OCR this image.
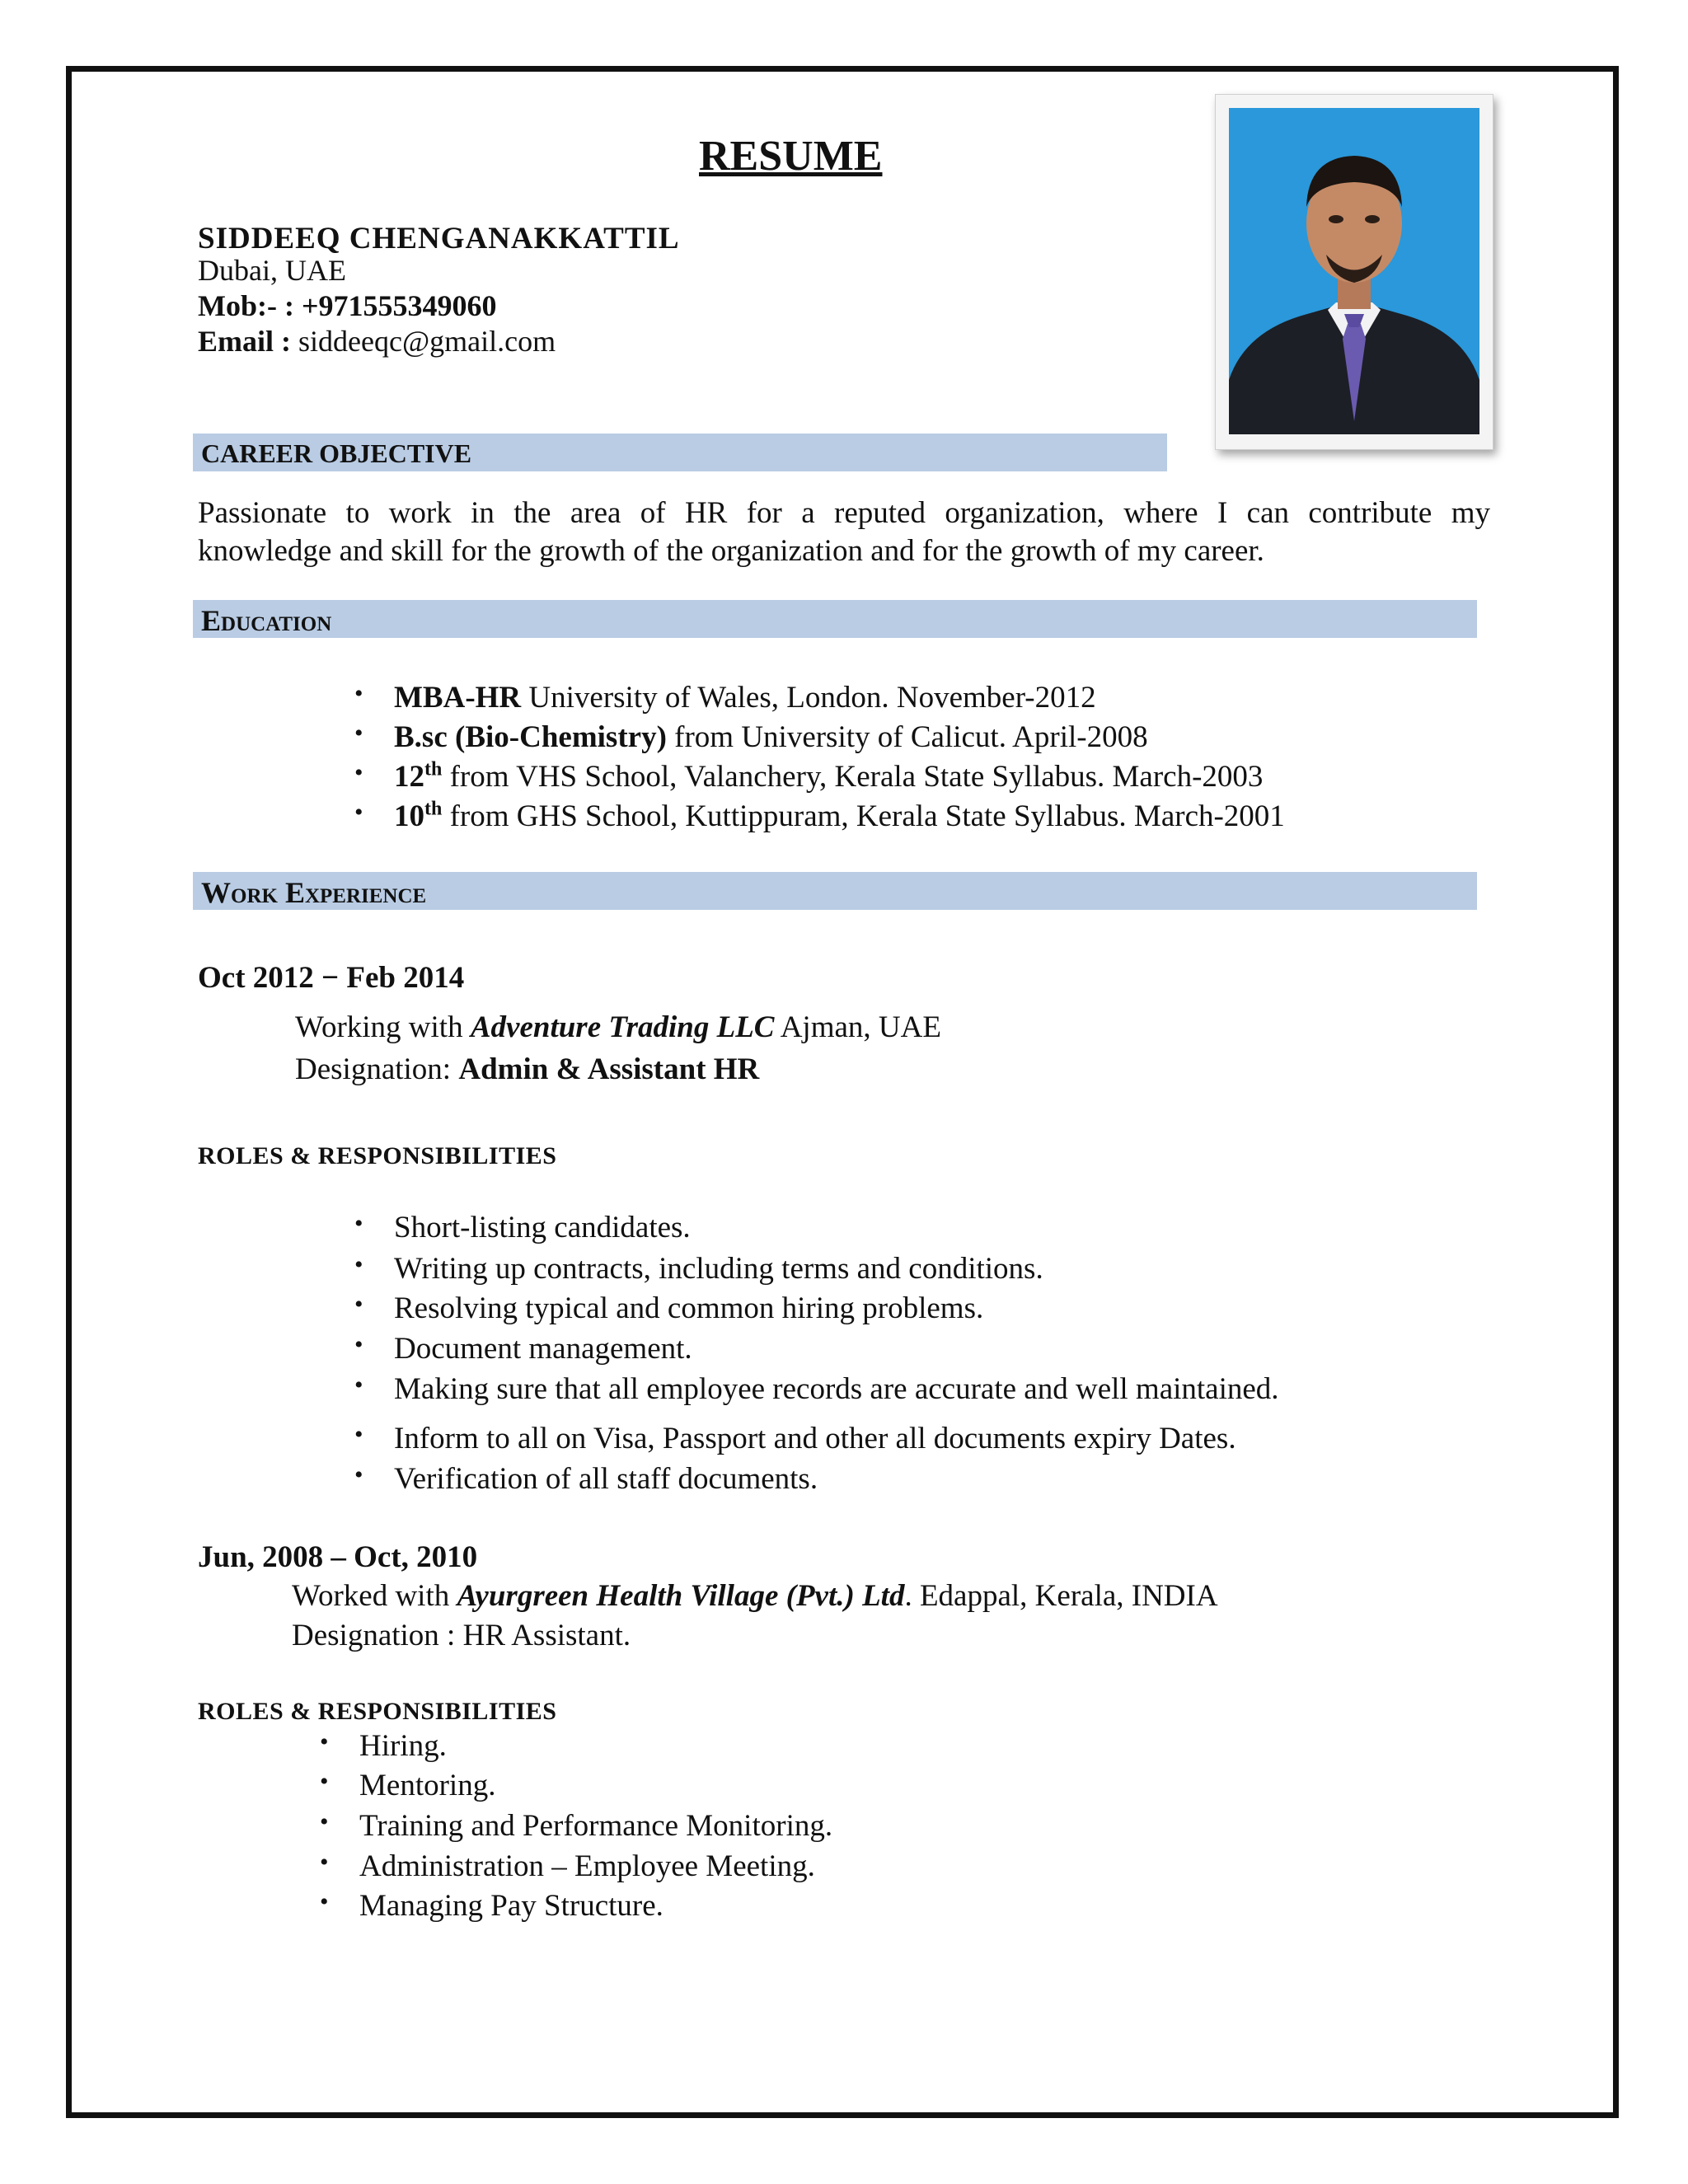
RESUME
SIDDEEQ CHENGANAKKATTIL
Dubai, UAE
Mob:- : +971555349060
Email : siddeeqc@gmail.com
CAREER OBJECTIVE
Passionate to work in the area of HR for a reputed organization, where I can contribute my
knowledge and skill for the growth of the organization and for the growth of my career.
Education
• MBA-HR University of Wales, London. November-2012
• B.sc (Bio-Chemistry) from University of Calicut. April-2008
• 12th from VHS School, Valanchery, Kerala State Syllabus. March-2003
• 10th from GHS School, Kuttippuram, Kerala State Syllabus. March-2001
Work Experience
Oct 2012 − Feb 2014
Working with Adventure Trading LLC Ajman, UAE
Designation: Admin & Assistant HR
ROLES & RESPONSIBILITIES
• Short-listing candidates.
• Writing up contracts, including terms and conditions.
• Resolving typical and common hiring problems.
• Document management.
• Making sure that all employee records are accurate and well maintained.
• Inform to all on Visa, Passport and other all documents expiry Dates.
• Verification of all staff documents.
Jun, 2008 – Oct, 2010
Worked with Ayurgreen Health Village (Pvt.) Ltd. Edappal, Kerala, INDIA
Designation : HR Assistant.
ROLES & RESPONSIBILITIES
• Hiring.
• Mentoring.
• Training and Performance Monitoring.
• Administration – Employee Meeting.
• Managing Pay Structure.
